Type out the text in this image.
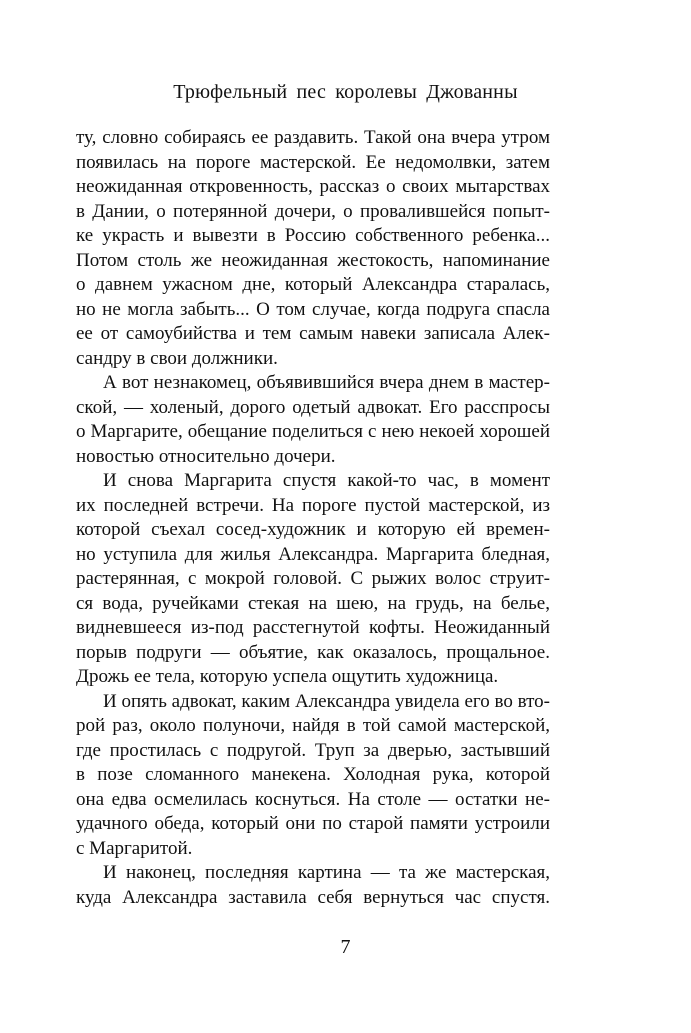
Трюфельный пес королевы Джованны

ту, словно собираясь ее раздавить. Такой она вчера утром
появилась на пороге мастерской. Ее недомолвки, затем
неожиданная откровенность, рассказ о своих мытарствах
в Дании, о потерянной дочери, о провалившейся попыт-
ке украсть и вывезти в Россию собственного ребенка...
Потом столь же неожиданная жестокость, напоминание
о давнем ужасном дне, который Александра старалась,
но не могла забыть... О том случае, когда подруга спасла
ее от самоубийства и тем самым навеки записала Алек-
сандру в свои должники.

А вот незнакомец, объявившийся вчера днем в мастер-
ской, — холеный, дорого одетый адвокат. Его расспросы
о Маргарите, обещание поделиться с нею некоей хорошей
новостью относительно дочери.

И снова Маргарита спустя какой-то час, в момент
их последней встречи. На пороге пустой мастерской, из
которой съехал сосед-художник и которую ей времен-
но уступила для жилья Александра. Маргарита бледная,
растерянная, с мокрой головой. С рыжих волос струит-
ся вода, ручейками стекая на шею, на грудь, на белье,
видневшееся из-под расстегнутой кофты. Неожиданный
порыв подруги — объятие, как оказалось, прощальное.
Дрожь ее тела, которую успела ощутить художница.

И опять адвокат, каким Александра увидела его во вто-
рой раз, около полуночи, найдя в той самой мастерской,
где простилась с подругой. Труп за дверью, застывший
в позе сломанного манекена. Холодная рука, которой
она едва осмелилась коснуться. На столе — остатки не-
удачного обеда, который они по старой памяти устроили
с Маргаритой.

И наконец, последняя картина — та же мастерская,
куда Александра заставила себя вернуться час спустя.

7
